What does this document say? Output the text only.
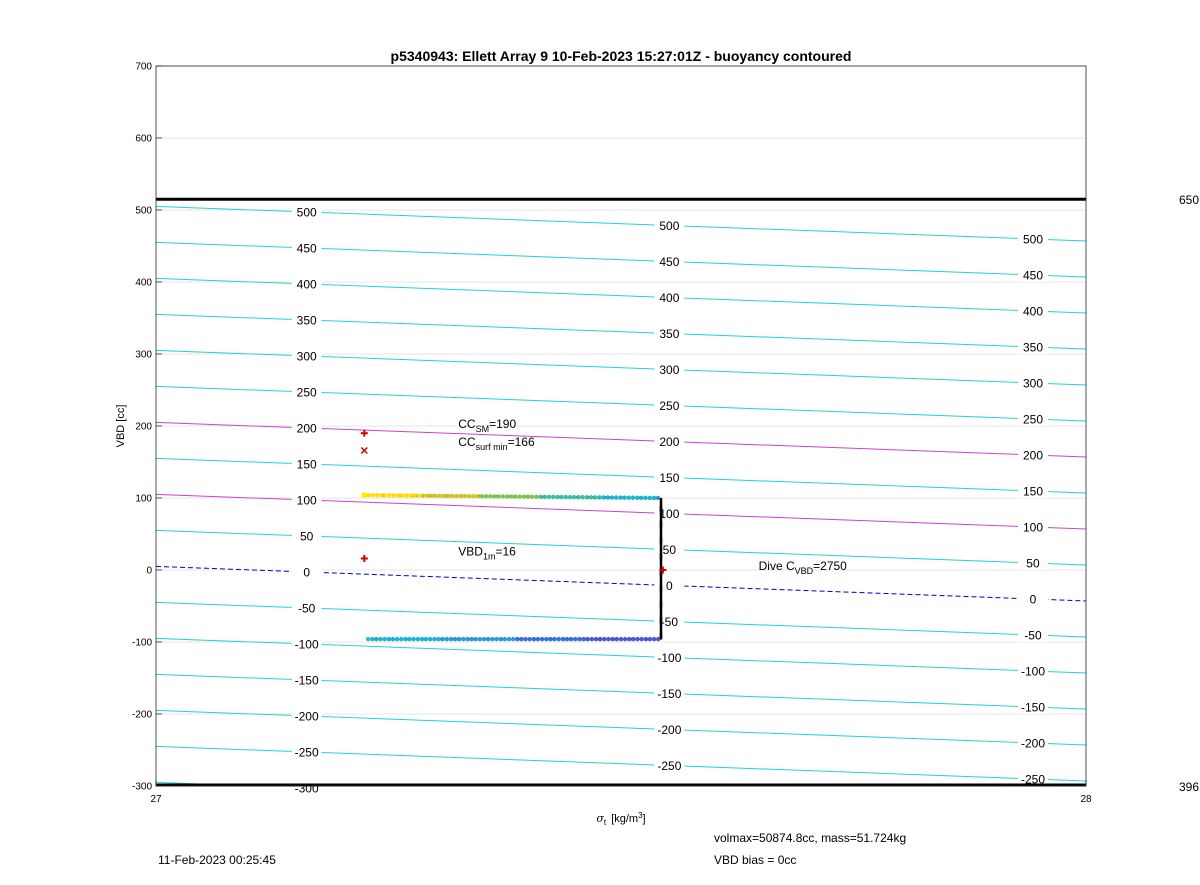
500
450
400
350
300
250
200
150
100
50
0
-50
-100
-150
-200
-250
-300
500
450
400
350
300
250
200
150
100
50
0
-50
-100
-150
-200
-250
500
450
400
350
300
250
200
150
100
50
0
-50
-100
-150
-200
-250
650
396
$CC_{SM}=190$
$CC_{surf min}=166$
$VBD_{1m}=16$
Dive $C_{VBD}=2750$
-300
-200
-100
0
100
200
300
400
500
600
700
27	28
p5340943: Ellett Array 9 10-Feb-2023 15:27:01Z - buoyancy contoured
VBD [cc]
$\sigma_t$ $[kg/m^3]$
11-Feb-2023 00:25:45
volmax=50874.8cc, mass=51.724kg
VBD bias = 0cc
